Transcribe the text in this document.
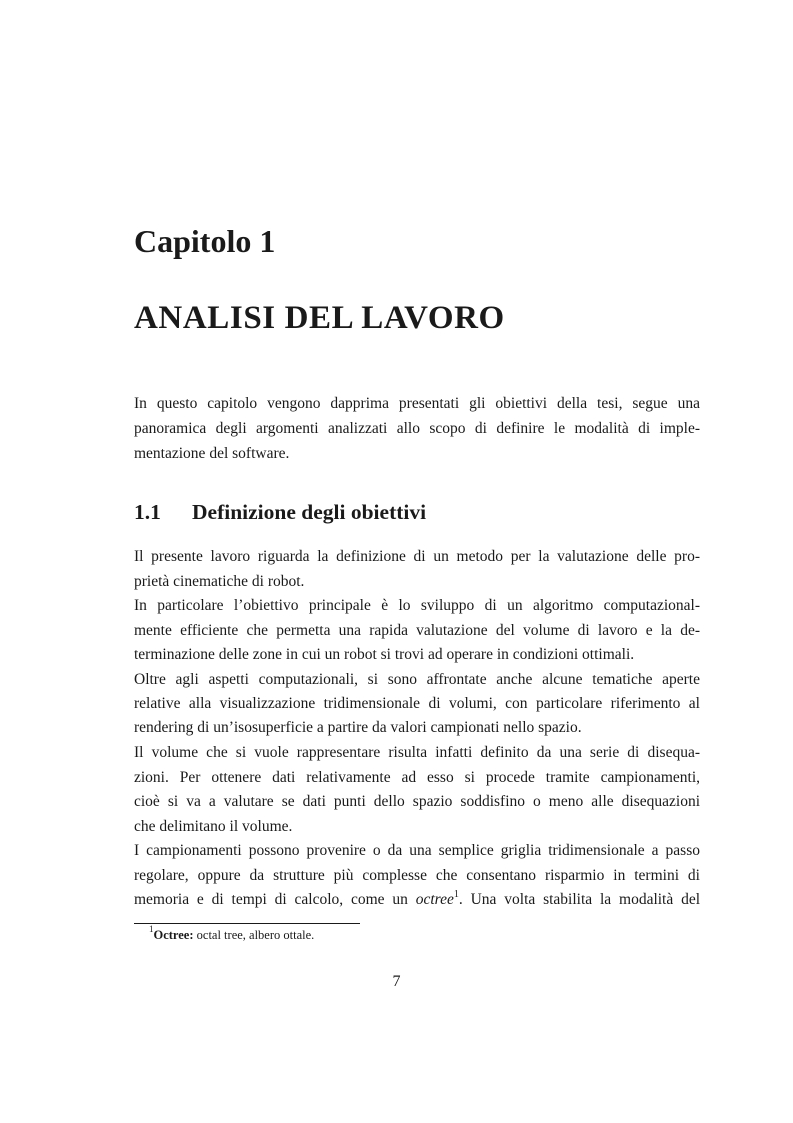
Capitolo 1
ANALISI DEL LAVORO

In questo capitolo vengono dapprima presentati gli obiettivi della tesi, segue una

panoramica degli argomenti analizzati allo scopo di definire le modalità di imple-

mentazione del software.

1.1 Definizione degli obiettivi

Il presente lavoro riguarda la definizione di un metodo per la valutazione delle pro-

prietà cinematiche di robot.

In particolare l’obiettivo principale è lo sviluppo di un algoritmo computazional-

mente efficiente che permetta una rapida valutazione del volume di lavoro e la de-

terminazione delle zone in cui un robot si trovi ad operare in condizioni ottimali.

Oltre agli aspetti computazionali, si sono affrontate anche alcune tematiche aperte

relative alla visualizzazione tridimensionale di volumi, con particolare riferimento al

rendering di un’isosuperficie a partire da valori campionati nello spazio.

Il volume che si vuole rappresentare risulta infatti definito da una serie di disequa-

zioni. Per ottenere dati relativamente ad esso si procede tramite campionamenti,

cioè si va a valutare se dati punti dello spazio soddisfino o meno alle disequazioni

che delimitano il volume.

I campionamenti possono provenire o da una semplice griglia tridimensionale a passo

regolare, oppure da strutture più complesse che consentano risparmio in termini di

memoria e di tempi di calcolo, come un octree$^1$. Una volta stabilita la modalità del

$^1$Octree: octal tree, albero ottale.

7
